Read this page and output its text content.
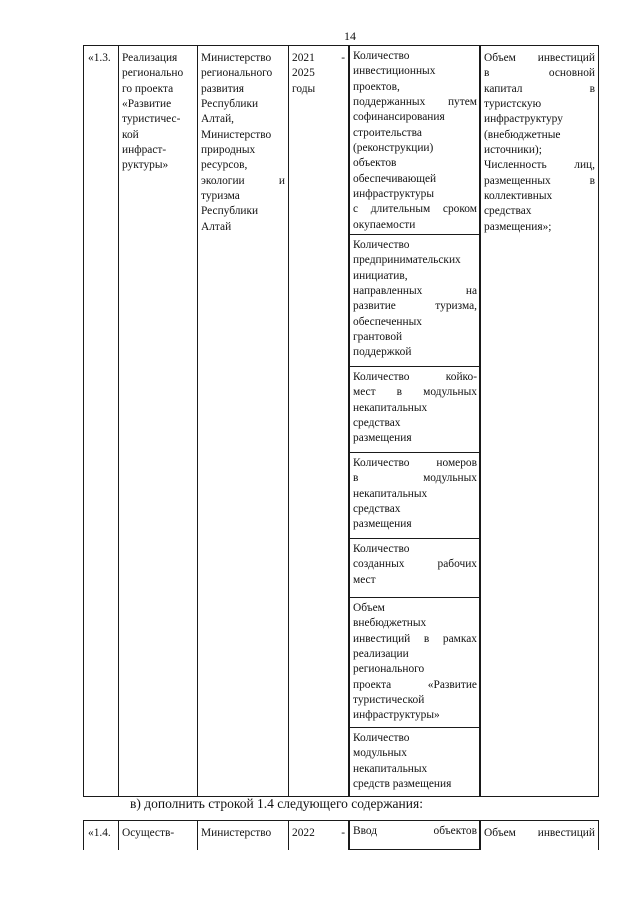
14
«1.3. Реализация
регионально
го проекта
«Развитие
туристичес-
кой
инфраст-
руктуры»
Министерство
регионального
развития
Республики
Алтай,
Министерство
природных
ресурсов,
экологии и
туризма
Республики
Алтай
2021 -
2025
годы
Количество
инвестиционных
проектов,
поддержанных путем
софинансирования
строительства
(реконструкции)
объектов
обеспечивающей
инфраструктуры
с длительным сроком
окупаемости
Количество
предпринимательских
инициатив,
направленных на
развитие туризма,
обеспеченных
грантовой
поддержкой
Количество койко-
мест в модульных
некапитальных
средствах
размещения
Количество номеров
в модульных
некапитальных
средствах
размещения
Количество
созданных рабочих
мест
Объем
внебюджетных
инвестиций в рамках
реализации
регионального
проекта «Развитие
туристической
инфраструктуры»
Количество
модульных
некапитальных
средств размещения
Объем инвестиций
в основной
капитал в
туристскую
инфраструктуру
(внебюджетные
источники);
Численность лиц,
размещенных в
коллективных
средствах
размещения»;
в) дополнить строкой 1.4 следующего содержания:
«1.4. Осуществ-	Министерство	2022 - Ввод объектов Объем инвестиций
